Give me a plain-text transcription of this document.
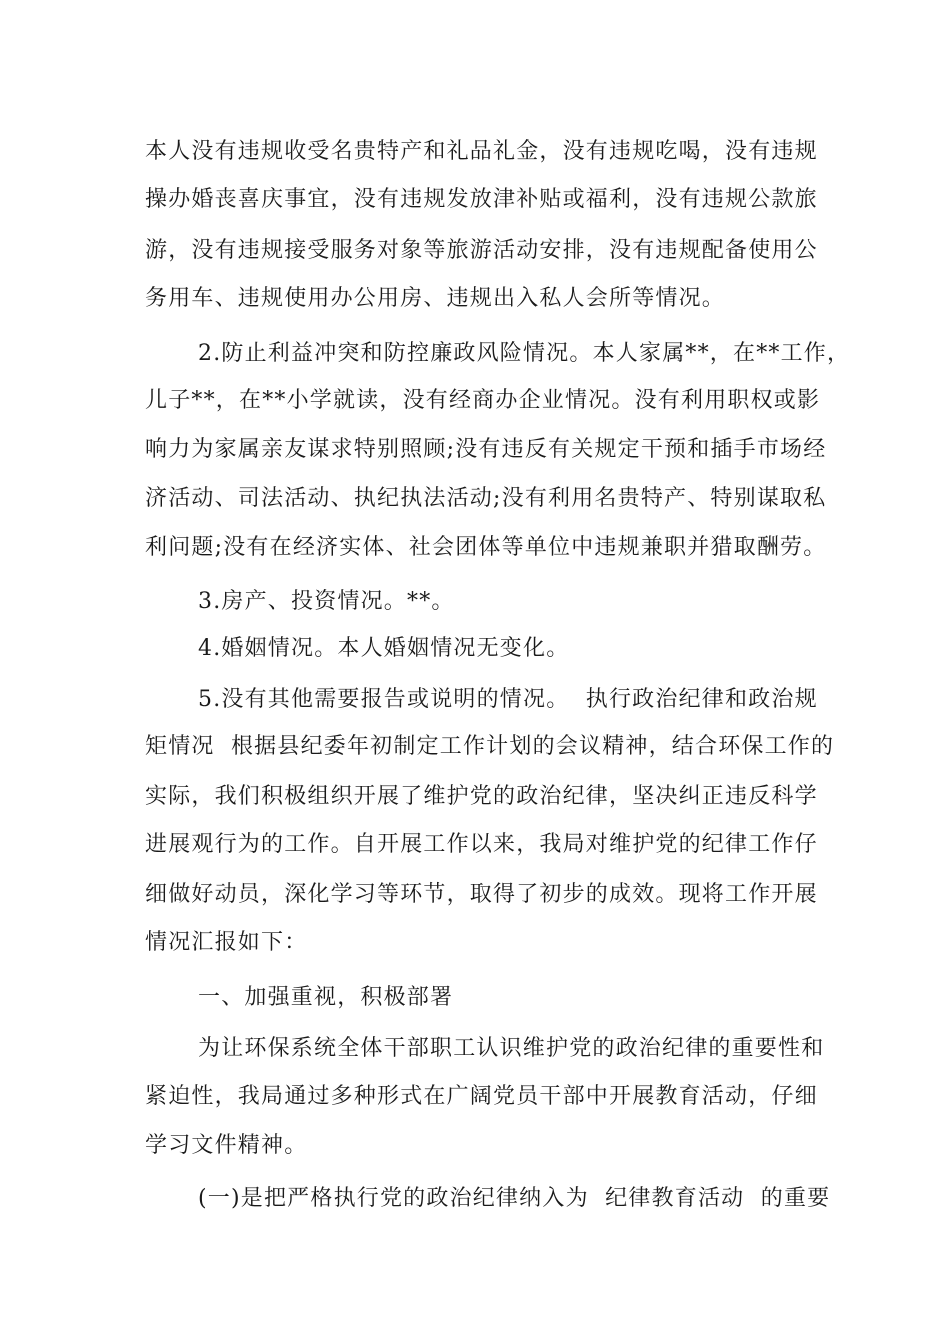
本人没有违规收受名贵特产和礼品礼金，没有违规吃喝，没有违规
操办婚丧喜庆事宜，没有违规发放津补贴或福利，没有违规公款旅
游，没有违规接受服务对象等旅游活动安排，没有违规配备使用公
务用车、违规使用办公用房、违规出入私人会所等情况。
2.防止利益冲突和防控廉政风险情况。本人家属**，在**工作，
儿子**，在**小学就读，没有经商办企业情况。没有利用职权或影
响力为家属亲友谋求特别照顾;没有违反有关规定干预和插手市场经
济活动、司法活动、执纪执法活动;没有利用名贵特产、特别谋取私
利问题;没有在经济实体、社会团体等单位中违规兼职并猎取酬劳。
3.房产、投资情况。**。
4.婚姻情况。本人婚姻情况无变化。
5.没有其他需要报告或说明的情况。  执行政治纪律和政治规
矩情况  根据县纪委年初制定工作计划的会议精神，结合环保工作的
实际，我们积极组织开展了维护党的政治纪律，坚决纠正违反科学
进展观行为的工作。自开展工作以来，我局对维护党的纪律工作仔
细做好动员，深化学习等环节，取得了初步的成效。现将工作开展
情况汇报如下：
一、加强重视，积极部署
为让环保系统全体干部职工认识维护党的政治纪律的重要性和
紧迫性，我局通过多种形式在广阔党员干部中开展教育活动，仔细
学习文件精神。
(一)是把严格执行党的政治纪律纳入为  纪律教育活动  的重要
